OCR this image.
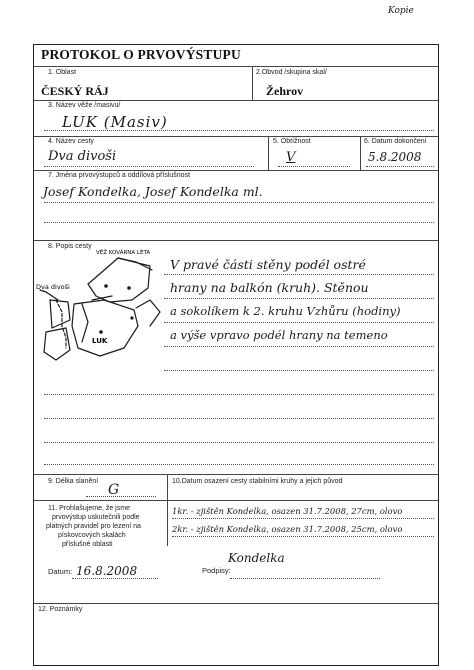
Kopie
PROTOKOL O PRVOVÝSTUPU
1. Oblast
ČESKÝ RÁJ
2.Obvod /skupina skal/
Žehrov
3. Název věže /masivu/
LUK (Masiv)
4. Název cesty
Dva divoši
5. Obtížnost
V
6. Datum dokončení
5.8.2008
7. Jména prvovýstupců a oddílová příslušnost
Josef Kondelka, Josef Kondelka ml.
8. Popis cesty
V pravé části stěny podél ostré
hrany na balkón (kruh). Stěnou
a sokolíkem k 2. kruhu Vzhůru (hodiny)
a výše vpravo podél hrany na temeno
VĚŽ KOVÁRNA LÉTA
Dva divoši
LUK
9. Délka slanění
G
10.Datum osazení cesty stabilními kruhy a jejich původ
11. Prohlašujeme, že jsme
prvovýstup uskutečnili podle
platných pravidel pro lezení na
pískovcových skalách
příslušné oblasti
1kr. - zjištěn Kondelka, osazen 31.7.2008, 27cm, olovo
2kr. - zjištěn Kondelka, osazen 31.7.2008, 25cm, olovo
Datum: 16.8.2008	Podpisy:
Kondelka
12. Poznámky
